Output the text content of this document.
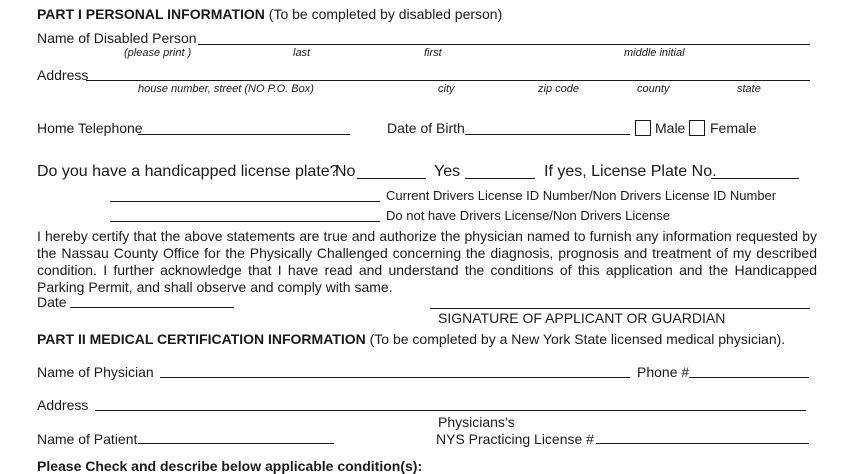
PART I PERSONAL INFORMATION (To be completed by disabled person)
Name of Disabled Person
(please print )	last	first	middle initial
Address
house number, street (NO P.O. Box)	city	zip code	county	state
Home Telephone	Date of Birth	Male Female
Do you have a handicapped license plate?
No	Yes	If yes, License Plate No.
Current Drivers License ID Number/Non Drivers License ID Number
Do not have Drivers License/Non Drivers License
I hereby certify that the above statements are true and authorize the physician named to furnish any information requested by the Nassau County Office for the Physically Challenged concerning the diagnosis, prognosis and treatment of my described condition. I further acknowledge that I have read and understand the conditions of this application and the Handicapped Parking Permit, and shall observe and comply with same.
Date
SIGNATURE OF APPLICANT OR GUARDIAN
PART II MEDICAL CERTIFICATION INFORMATION (To be completed by a New York State licensed medical physician).
Name of Physician	Phone #
Address
Name of Patient
Physicians’s
NYS Practicing License #
Please Check and describe below applicable condition(s):
